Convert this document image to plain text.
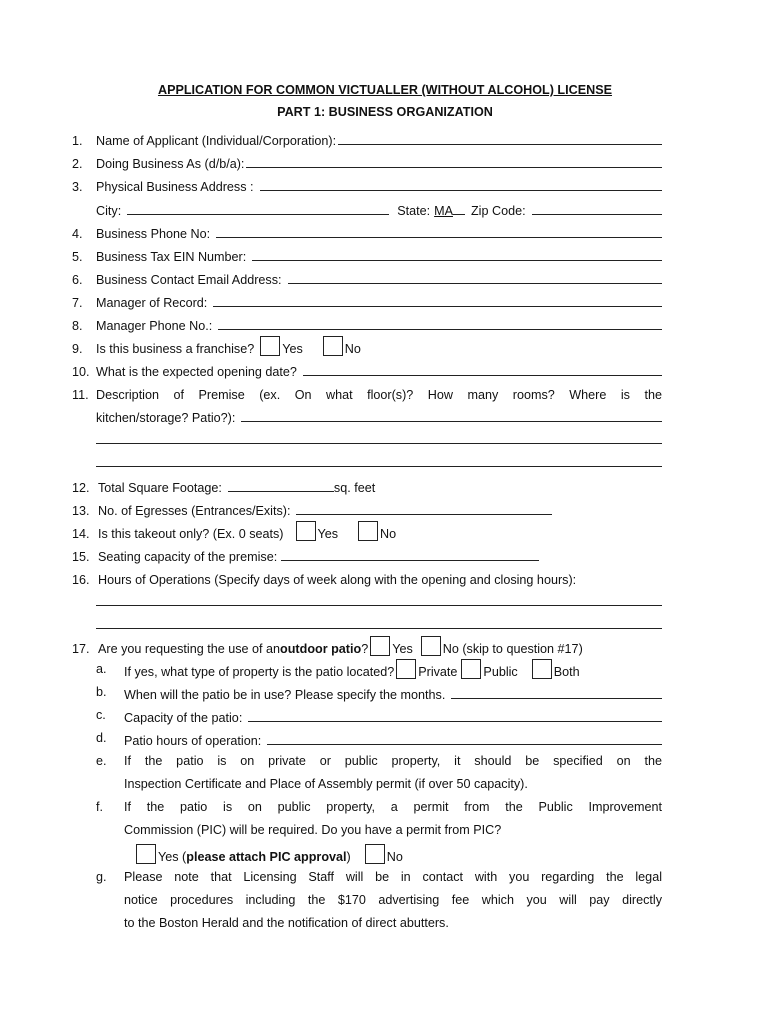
APPLICATION FOR COMMON VICTUALLER (WITHOUT ALCOHOL) LICENSE
PART 1: BUSINESS ORGANIZATION
1.	Name of Applicant (Individual/Corporation):
2.	Doing Business As (d/b/a):
3.	Physical Business Address :
City:	State: MA Zip Code:
4.	Business Phone No:
5.	Business Tax EIN Number:
6.	Business Contact Email Address:
7.	Manager of Record:
8.	Manager Phone No.:
9.	Is this business a franchise? Yes	No
10. What is the expected opening date?
11. Description of Premise (ex. On what floor(s)? How many rooms? Where is the
kitchen/storage? Patio?):
12. Total Square Footage:	sq. feet
13. No. of Egresses (Entrances/Exits):
14. Is this takeout only? (Ex. 0 seats)	Yes	No
15. Seating capacity of the premise:
16. Hours of Operations (Specify days of week along with the opening and closing hours):
17. Are you requesting the use of an outdoor patio ? Yes No (skip to question #17)
a.	If yes, what type of property is the patio located? Private Public	Both
b.	When will the patio be in use? Please specify the months.
c.	Capacity of the patio:
d.	Patio hours of operation:
e.	If the patio is on private or public property, it should be specified on the
Inspection Certificate and Place of Assembly permit (if over 50 capacity).
f.	If the patio is on public property, a permit from the Public Improvement
Commission (PIC) will be required. Do you have a permit from PIC?
Yes ( please attach PIC approval )	No
g.	Please note that Licensing Staff will be in contact with you regarding the legal
notice procedures including the $170 advertising fee which you will pay directly
to the Boston Herald and the notification of direct abutters.
